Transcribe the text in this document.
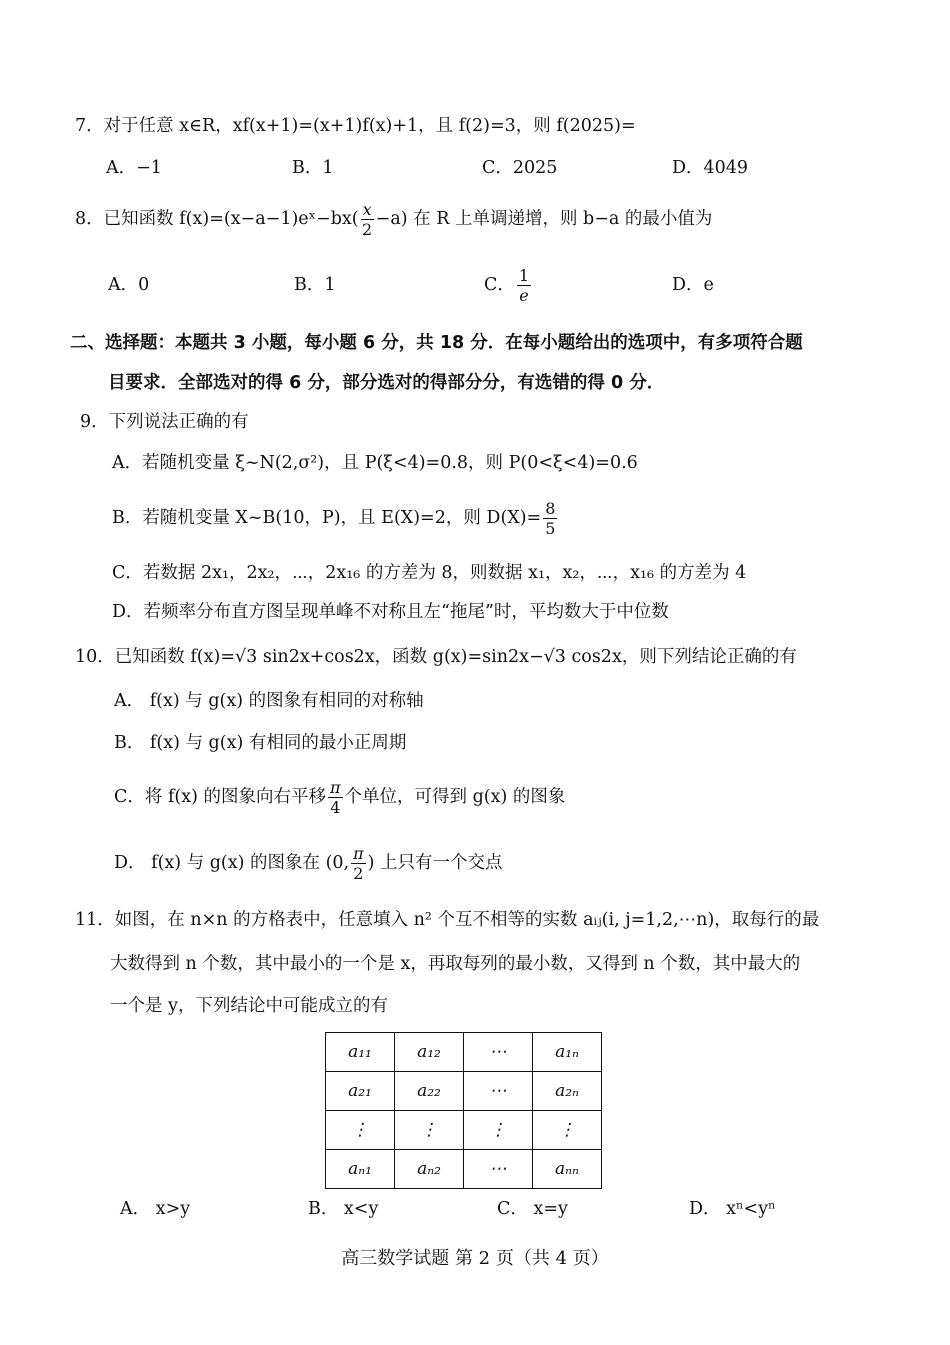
7．对于任意 x∈R，xf(x+1)=(x+1)f(x)+1，且 f(2)=3，则 f(2025)=
A．−1	B．1	C．2025	D．4049
8．已知函数 f(x)=(x−a−1)eˣ−bx( $\frac{x}{2} -a$) 在 R 上单调递增，则 b−a 的最小值为
A．0	B．1	C． $\frac{1}{e}$	D．e
二、选择题：本题共 3 小题，每小题 6 分，共 18 分．在每小题给出的选项中，有多项符合题
目要求．全部选对的得 6 分，部分选对的得部分分，有选错的得 0 分．
9．下列说法正确的有
A．若随机变量 ξ~N(2,σ²)，且 P(ξ<4)=0.8，则 P(0<ξ<4)=0.6
B．若随机变量 X~B(10，P)，且 E(X)=2，则 $D(X)= \frac{8}{5}$
C．若数据 2x₁，2x₂，⋯，2x₁₆ 的方差为 8，则数据 x₁，x₂，⋯，x₁₆ 的方差为 4
D．若频率分布直方图呈现单峰不对称且左“拖尾”时，平均数大于中位数
10．已知函数 f(x)=√3 sin2x+cos2x，函数 g(x)=sin2x−√3 cos2x，则下列结论正确的有
A． f(x) 与 g(x) 的图象有相同的对称轴
B． f(x) 与 g(x) 有相同的最小正周期
C．将 f(x) 的图象向右平移 $\frac{\pi}{4}$ 个单位，可得到 g(x) 的图象
D． f(x) 与 g(x) 的图象在 (0, $\frac{\pi}{2}$ ) 上只有一个交点
11．如图，在 n×n 的方格表中，任意填入 n² 个互不相等的实数 aᵢⱼ(i, j=1,2,⋯n)，取每行的最
大数得到 n 个数，其中最小的一个是 x，再取每列的最小数，又得到 n 个数，其中最大的
一个是 y，下列结论中可能成立的有
a₁₁	a₁₂	⋯	a₁ₙ
a₂₁	a₂₂	⋯	a₂ₙ
⋮	⋮	⋮	⋮
aₙ₁	aₙ₂	⋯	aₙₙ
A． x>y	B． x<y	C． x=y	D． xⁿ<yⁿ
高三数学试题 第 2 页（共 4 页）
